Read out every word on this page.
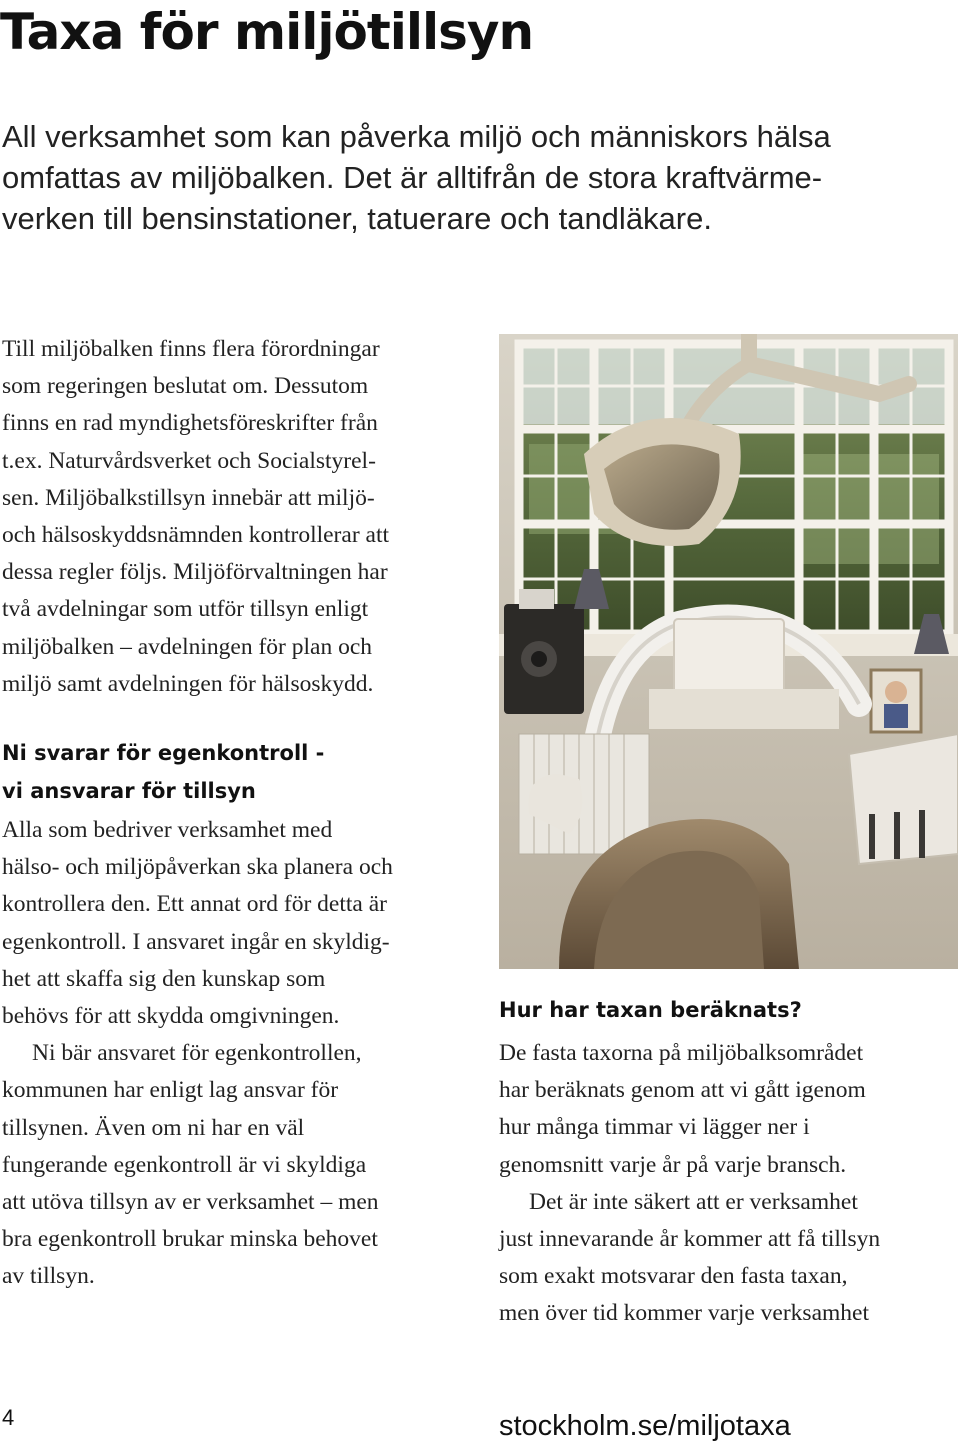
Taxa för miljötillsyn
All verksamhet som kan påverka miljö och människors hälsa
omfattas av miljöbalken. Det är alltifrån de stora kraftvärme-
verken till bensinstationer, tatuerare och tandläkare.
Till miljöbalken finns flera förordningar
som regeringen beslutat om. Dessutom
finns en rad myndighetsföreskrifter från
t.ex. Naturvårdsverket och Socialstyrel-
sen. Miljöbalkstillsyn innebär att miljö-
och hälsoskyddsnämnden kontrollerar att
dessa regler följs. Miljöförvaltningen har
två avdelningar som utför tillsyn enligt
miljöbalken – avdelningen för plan och
miljö samt avdelningen för hälsoskydd.
Ni svarar för egenkontroll -
vi ansvarar för tillsyn
Alla som bedriver verksamhet med
hälso- och miljöpåverkan ska planera och
kontrollera den. Ett annat ord för detta är
egenkontroll. I ansvaret ingår en skyldig-
het att skaffa sig den kunskap som
behövs för att skydda omgivningen.
Ni bär ansvaret för egenkontrollen,
kommunen har enligt lag ansvar för
tillsynen. Även om ni har en väl
fungerande egenkontroll är vi skyldiga
att utöva tillsyn av er verksamhet – men
bra egenkontroll brukar minska behovet
av tillsyn.
Hur har taxan beräknats?
De fasta taxorna på miljöbalksområdet
har beräknats genom att vi gått igenom
hur många timmar vi lägger ner i
genomsnitt varje år på varje bransch.
Det är inte säkert att er verksamhet
just innevarande år kommer att få tillsyn
som exakt motsvarar den fasta taxan,
men över tid kommer varje verksamhet
4	stockholm.se/miljotaxa
